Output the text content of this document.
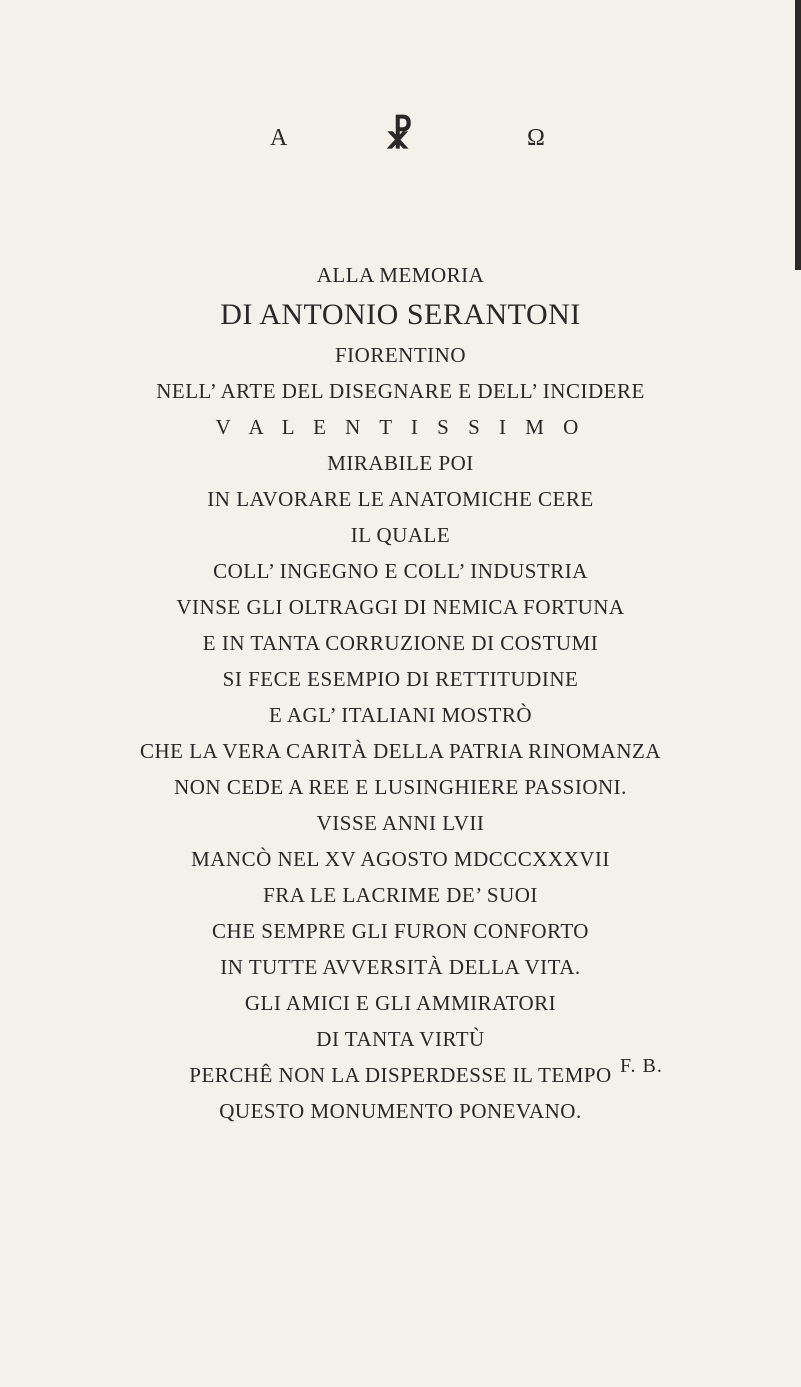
A	☧	Ω
ALLA MEMORIA
DI ANTONIO SERANTONI
FIORENTINO
NELL’ ARTE DEL DISEGNARE E DELL’ INCIDERE
V A L E N T I S S I M O
MIRABILE POI
IN LAVORARE LE ANATOMICHE CERE
IL QUALE
COLL’ INGEGNO E COLL’ INDUSTRIA
VINSE GLI OLTRAGGI DI NEMICA FORTUNA
E IN TANTA CORRUZIONE DI COSTUMI
SI FECE ESEMPIO DI RETTITUDINE
E AGL’ ITALIANI MOSTRÒ
CHE LA VERA CARITÀ DELLA PATRIA RINOMANZA
NON CEDE A REE E LUSINGHIERE PASSIONI.
VISSE ANNI LVII
MANCÒ NEL XV AGOSTO MDCCCXXXVII
FRA LE LACRIME DE’ SUOI
CHE SEMPRE GLI FURON CONFORTO
IN TUTTE AVVERSITÀ DELLA VITA.
GLI AMICI E GLI AMMIRATORI
DI TANTA VIRTÙ
PERCHÊ NON LA DISPERDESSE IL TEMPO
QUESTO MONUMENTO PONEVANO.
F. B.
